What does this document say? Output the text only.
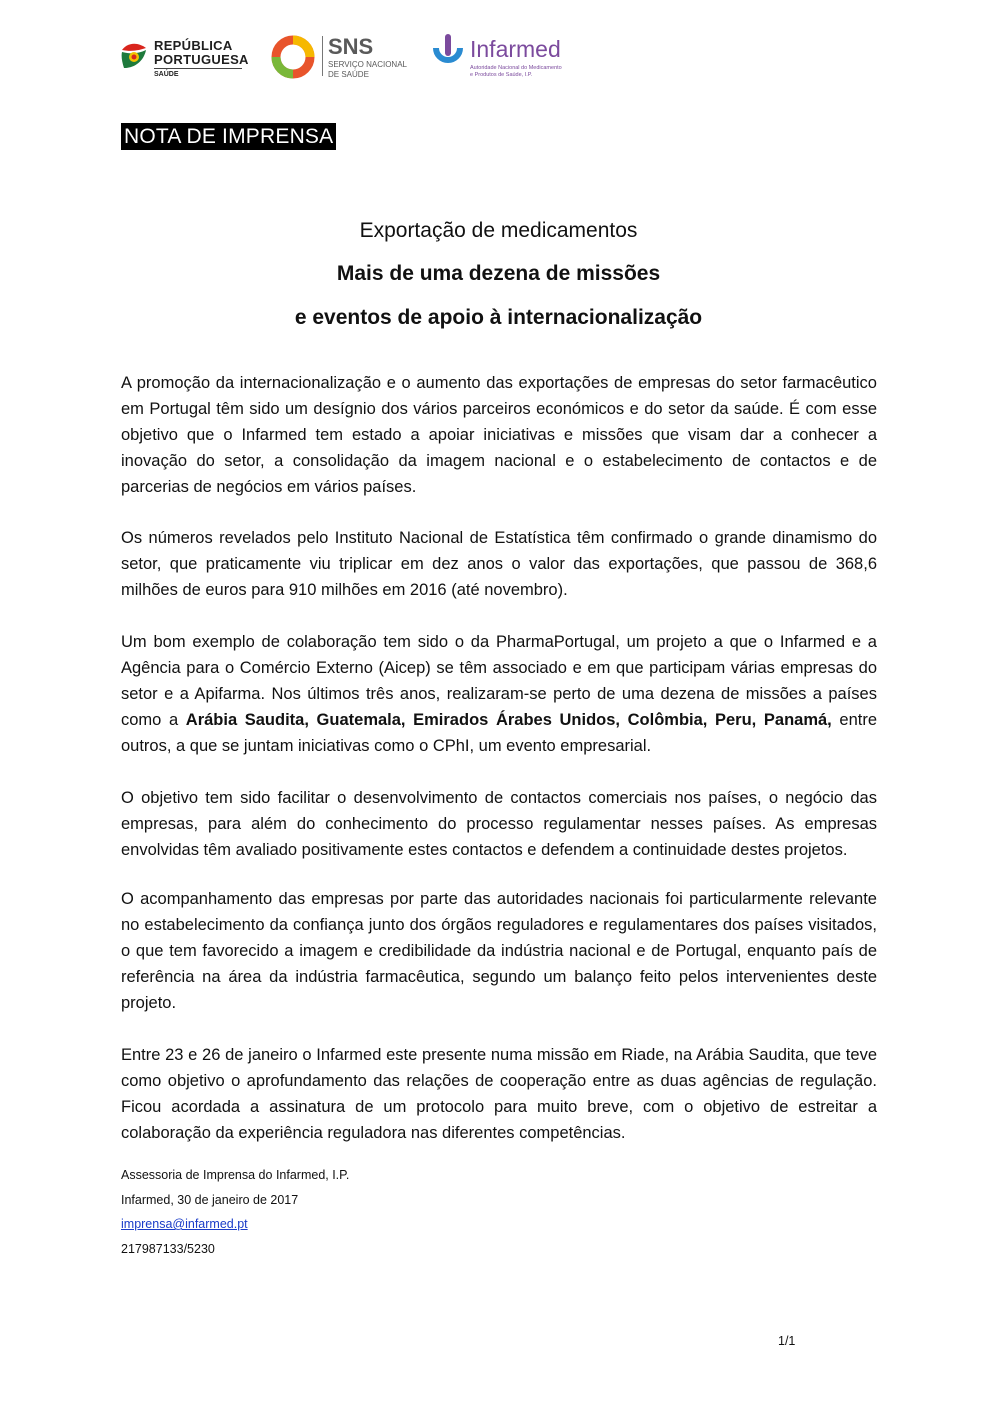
REPÚBLICA
PORTUGUESA
SAÚDE
SNS
SERVIÇO NACIONAL
DE SAÚDE
Infarmed
Autoridade Nacional do Medicamento
e Produtos de Saúde, I.P.
NOTA DE IMPRENSA
Exportação de medicamentos
Mais de uma dezena de missões
e eventos de apoio à internacionalização

A promoção da internacionalização e o aumento das exportações de empresas do setor farmacêutico em Portugal têm sido um desígnio dos vários parceiros económicos e do setor da saúde. É com esse objetivo que o Infarmed tem estado a apoiar iniciativas e missões que visam dar a conhecer a inovação do setor, a consolidação da imagem nacional e o estabelecimento de contactos e de parcerias de negócios em vários países.

Os números revelados pelo Instituto Nacional de Estatística têm confirmado o grande dinamismo do setor, que praticamente viu triplicar em dez anos o valor das exportações, que passou de 368,6 milhões de euros para 910 milhões em 2016 (até novembro).

Um bom exemplo de colaboração tem sido o da PharmaPortugal, um projeto a que o Infarmed e a Agência para o Comércio Externo (Aicep) se têm associado e em que participam várias empresas do setor e a Apifarma. Nos últimos três anos, realizaram-se perto de uma dezena de missões a países como a Arábia Saudita, Guatemala, Emirados Árabes Unidos, Colômbia, Peru, Panamá, entre outros, a que se juntam iniciativas como o CPhI, um evento empresarial.

O objetivo tem sido facilitar o desenvolvimento de contactos comerciais nos países, o negócio das empresas, para além do conhecimento do processo regulamentar nesses países. As empresas envolvidas têm avaliado positivamente estes contactos e defendem a continuidade destes projetos.

O acompanhamento das empresas por parte das autoridades nacionais foi particularmente relevante no estabelecimento da confiança junto dos órgãos reguladores e regulamentares dos países visitados, o que tem favorecido a imagem e credibilidade da indústria nacional e de Portugal, enquanto país de referência na área da indústria farmacêutica, segundo um balanço feito pelos intervenientes deste projeto.

Entre 23 e 26 de janeiro o Infarmed este presente numa missão em Riade, na Arábia Saudita, que teve como objetivo o aprofundamento das relações de cooperação entre as duas agências de regulação. Ficou acordada a assinatura de um protocolo para muito breve, com o objetivo de estreitar a colaboração da experiência reguladora nas diferentes competências.

Assessoria de Imprensa do Infarmed, I.P.

Infarmed, 30 de janeiro de 2017

imprensa@infarmed.pt

217987133/5230

1/1
